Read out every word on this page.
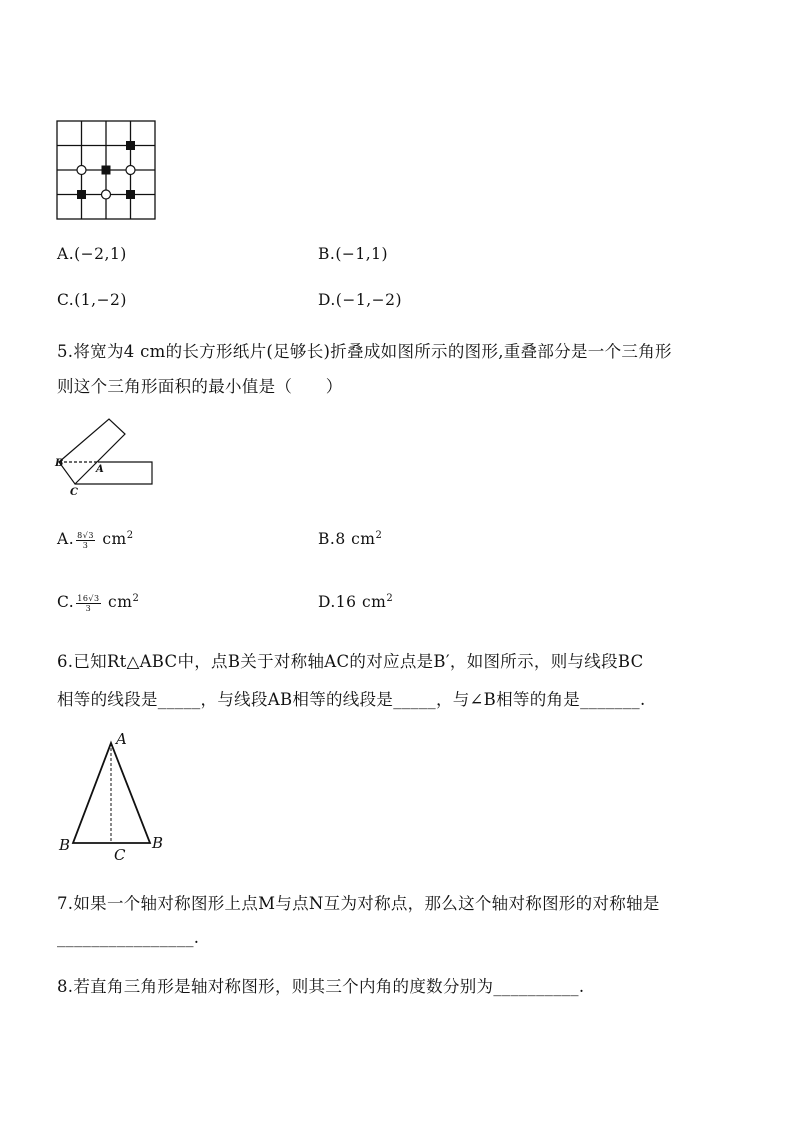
A.(−2,1)	B.(−1,1)
C.(1,−2)	D.(−1,−2)
5.将宽为4 cm的长方形纸片(足够长)折叠成如图所示的图形,重叠部分是一个三角形
则这个三角形面积的最小值是（　　）
B
A
C
A. $\frac{8√3}{3} cm^2$	B.8 $cm^2$
C. $\frac{16√3}{3} cm^2$	D.16 $cm^2$
6.已知Rt△ABC中，点B关于对称轴AC的对应点是B′，如图所示，则与线段BC
相等的线段是_____，与线段AB相等的线段是_____，与∠B相等的角是_______.
A
B	B
C
7.如果一个轴对称图形上点M与点N互为对称点，那么这个轴对称图形的对称轴是
________________.
8.若直角三角形是轴对称图形，则其三个内角的度数分别为__________.
